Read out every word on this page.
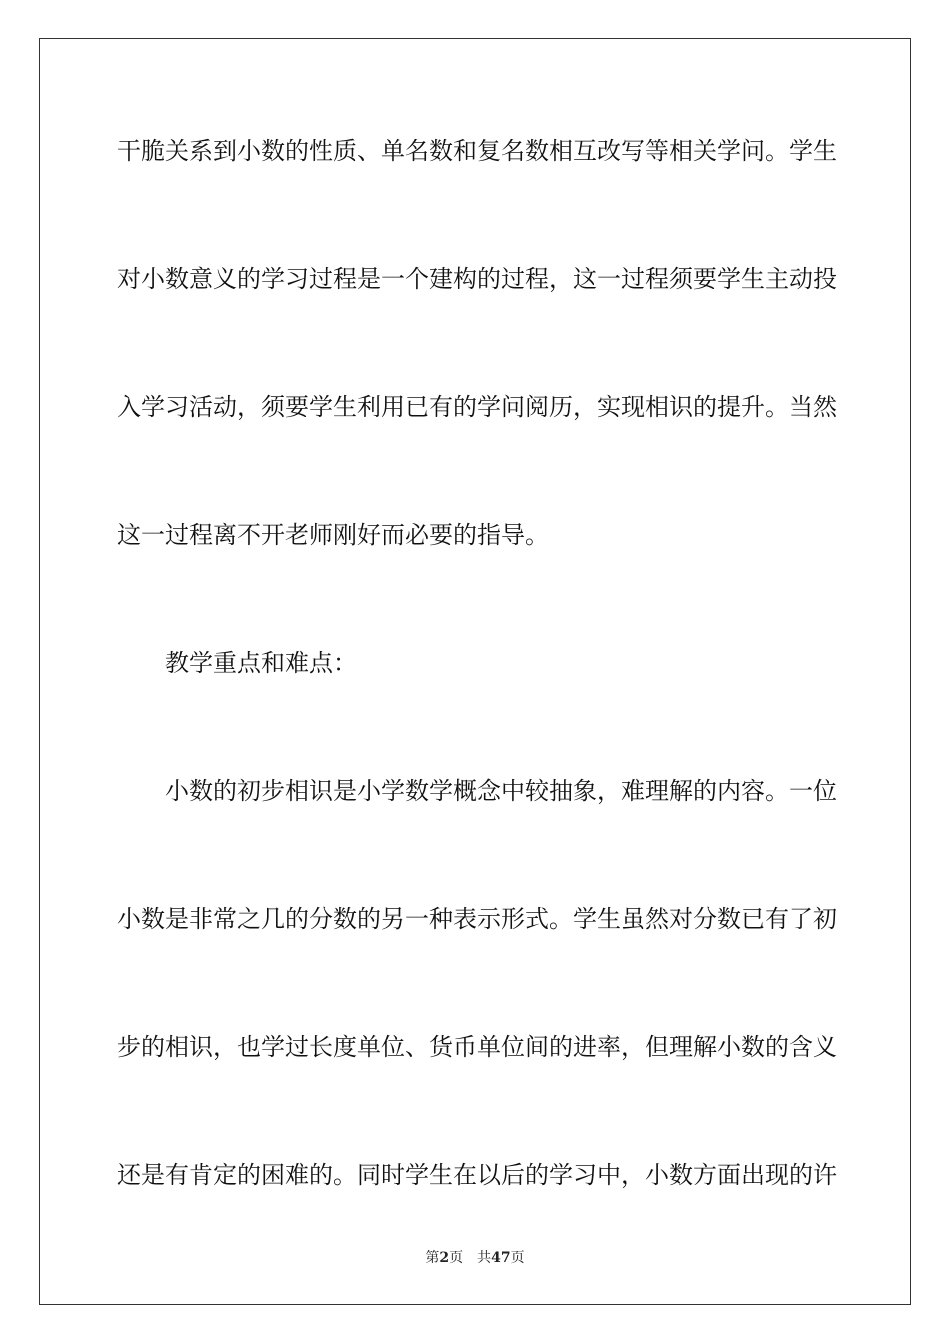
干脆关系到小数的性质、单名数和复名数相互改写等相关学问。学生
对小数意义的学习过程是一个建构的过程，这一过程须要学生主动投
入学习活动，须要学生利用已有的学问阅历，实现相识的提升。当然
这一过程离不开老师刚好而必要的指导。
教学重点和难点：
小数的初步相识是小学数学概念中较抽象，难理解的内容。一位
小数是非常之几的分数的另一种表示形式。学生虽然对分数已有了初
步的相识，也学过长度单位、货币单位间的进率，但理解小数的含义
还是有肯定的困难的。同时学生在以后的学习中，小数方面出现的许
第2页 共47页
